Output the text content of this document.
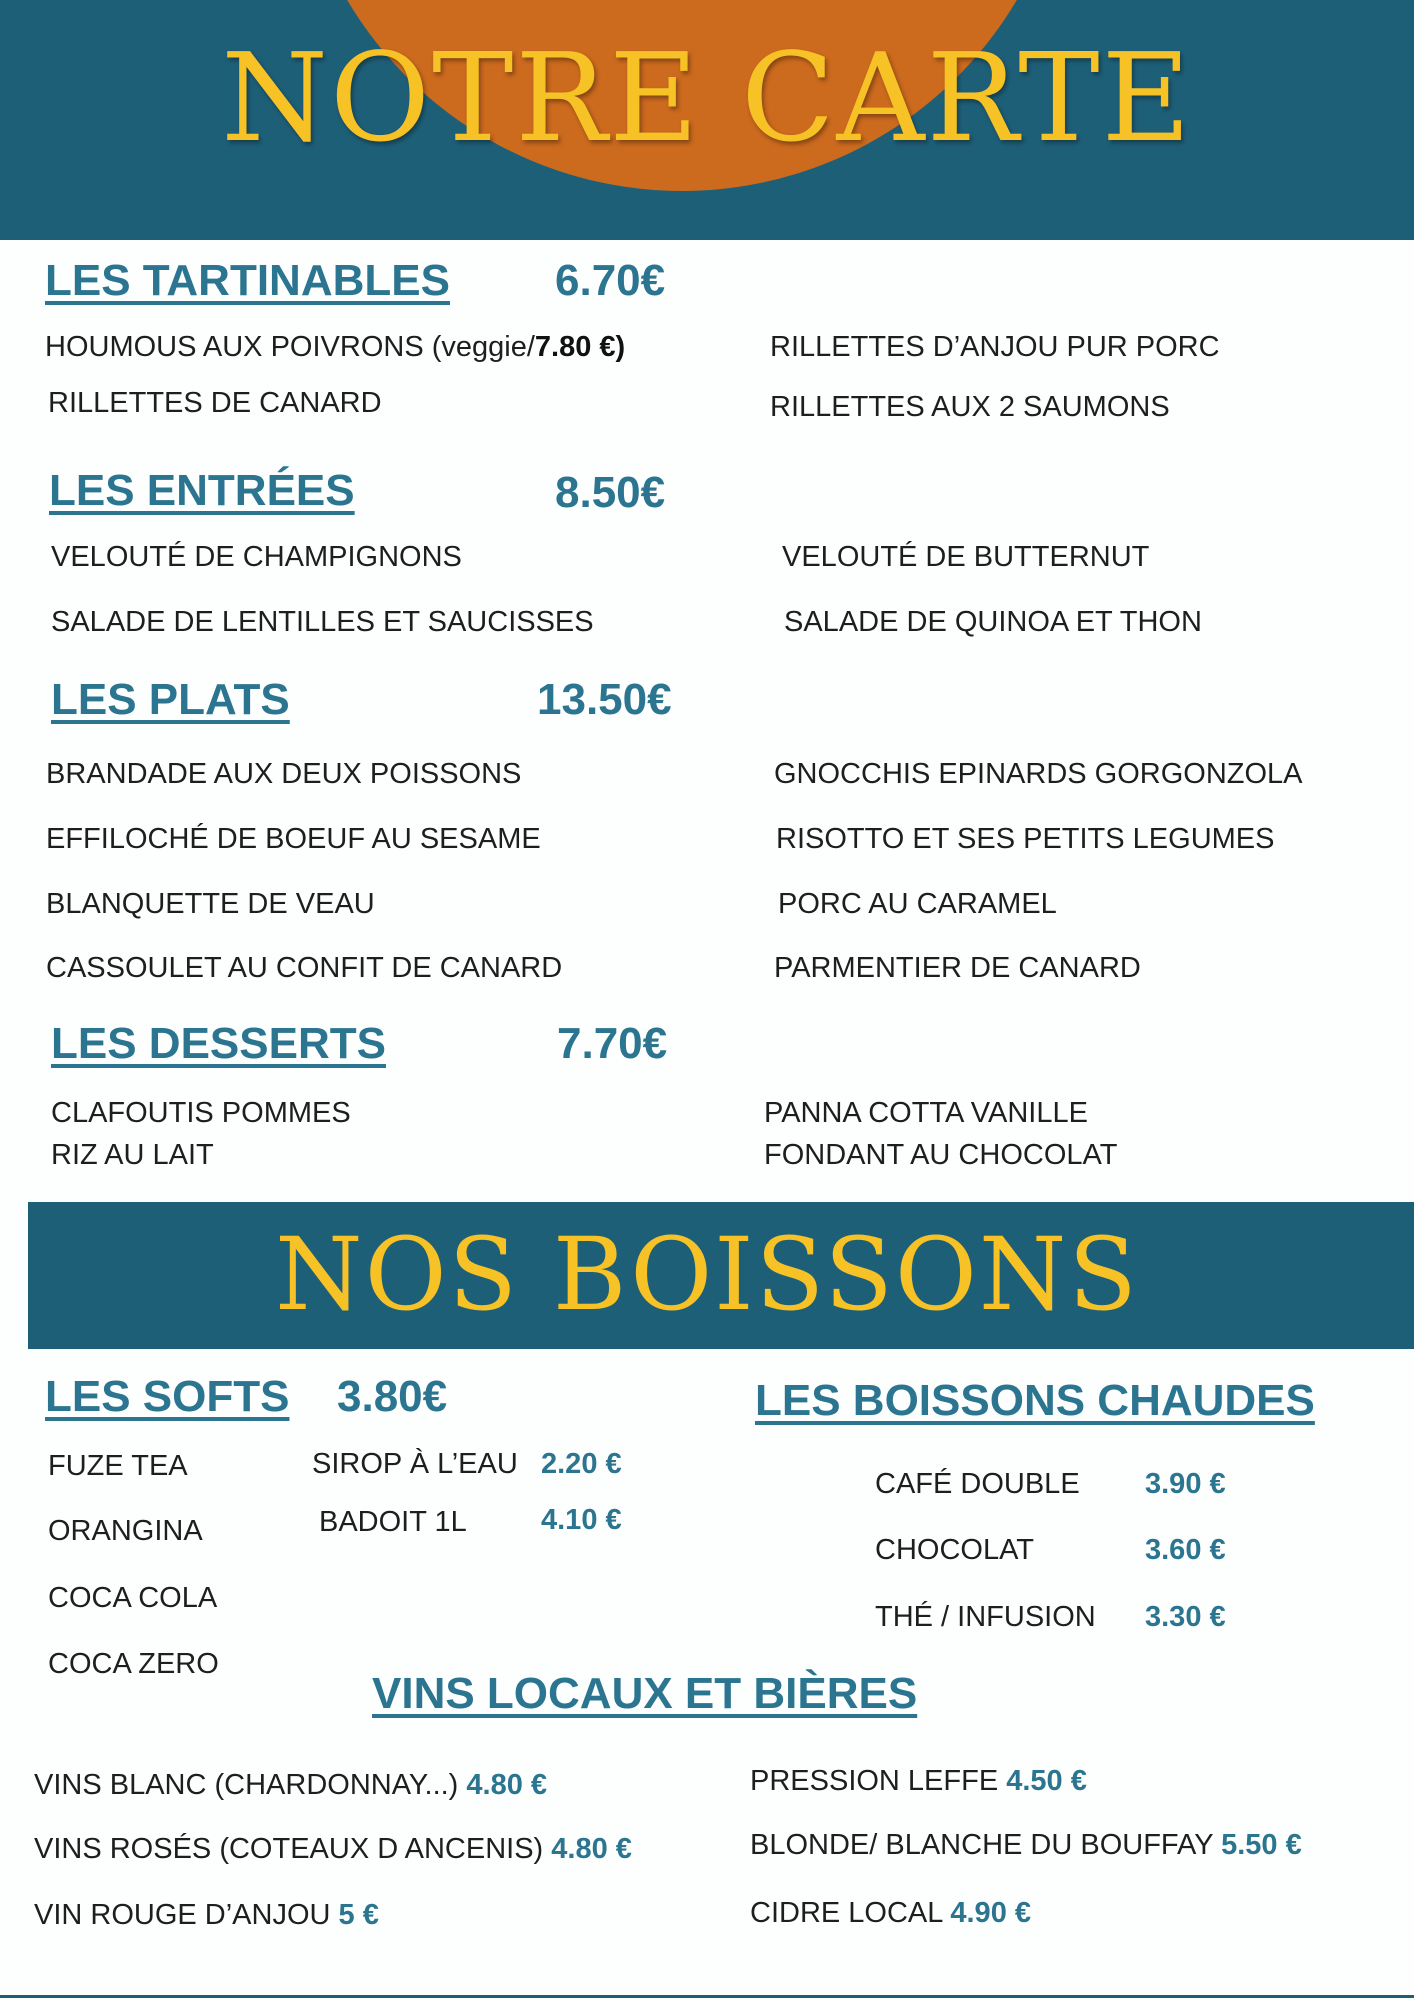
NOTRE CARTE
LES TARTINABLES 6.70€
HOUMOUS AUX POIVRONS (veggie/7.80 €)	RILLETTES D’ANJOU PUR PORC
RILLETTES DE CANARD	RILLETTES AUX 2 SAUMONS
LES ENTRÉES	8.50€
VELOUTÉ DE CHAMPIGNONS	VELOUTÉ DE BUTTERNUT
SALADE DE LENTILLES ET SAUCISSES	SALADE DE QUINOA ET THON
LES PLATS	13.50€
BRANDADE AUX DEUX POISSONS	GNOCCHIS EPINARDS GORGONZOLA
EFFILOCHÉ DE BOEUF AU SESAME	RISOTTO ET SES PETITS LEGUMES
BLANQUETTE DE VEAU	PORC AU CARAMEL
CASSOULET AU CONFIT DE CANARD	PARMENTIER DE CANARD
LES DESSERTS	7.70€
CLAFOUTIS POMMES	PANNA COTTA VANILLE
RIZ AU LAIT	FONDANT AU CHOCOLAT
NOS BOISSONS
LES SOFTS 3.80€
FUZE TEA
ORANGINA
COCA COLA
COCA ZERO
SIROP À L’EAU 2.20 €
BADOIT 1L	4.10 €
LES BOISSONS CHAUDES
CAFÉ DOUBLE 3.90 €
CHOCOLAT	3.60 €
THÉ / INFUSION 3.30 €
VINS LOCAUX ET BIÈRES
VINS BLANC (CHARDONNAY...) 4.80 €
VINS ROSÉS (COTEAUX D ANCENIS) 4.80 €
VIN ROUGE D’ANJOU 5 €
PRESSION LEFFE 4.50 €
BLONDE/ BLANCHE DU BOUFFAY 5.50 €
CIDRE LOCAL 4.90 €
